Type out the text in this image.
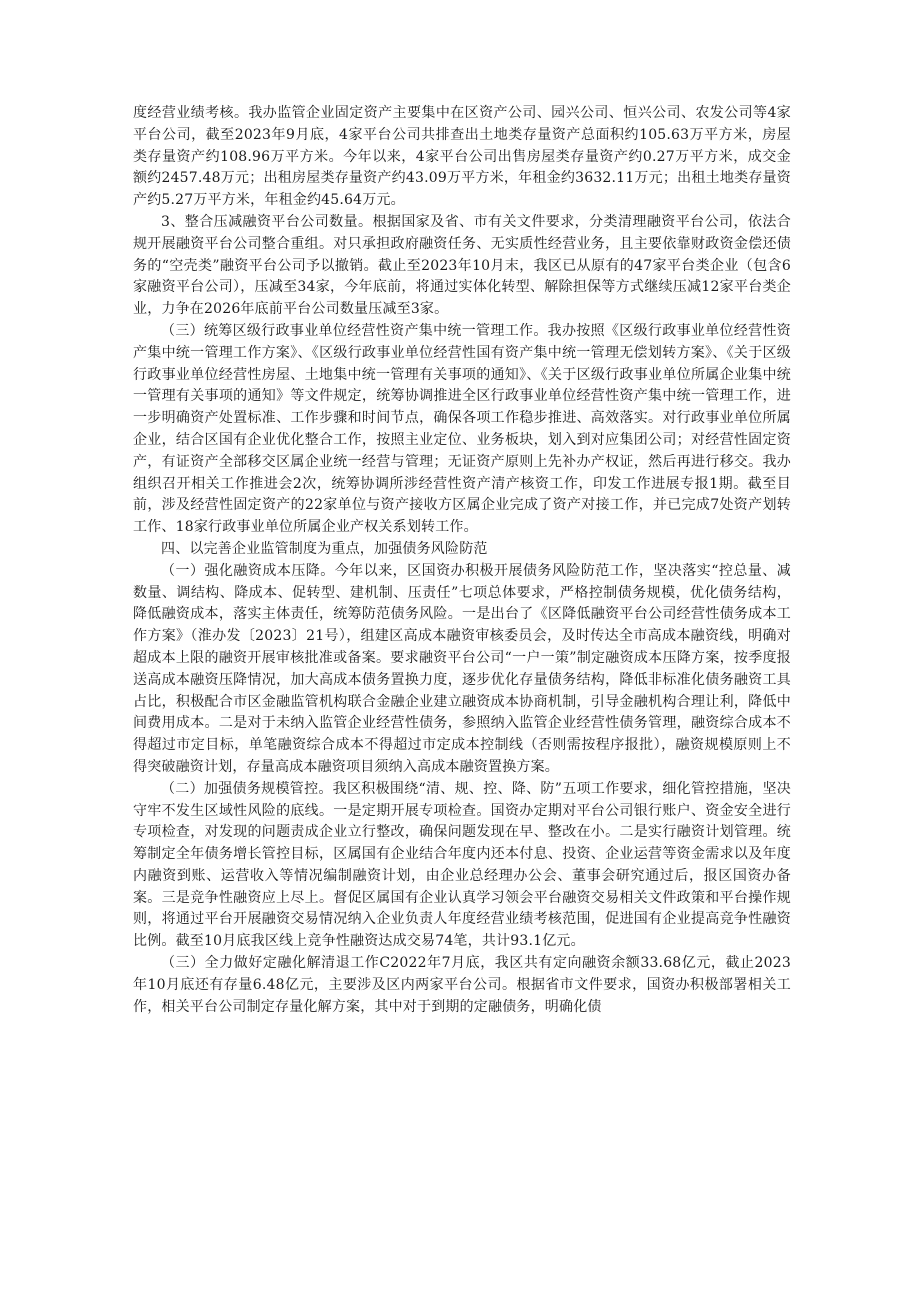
度经营业绩考核。我办监管企业固定资产主要集中在区资产公司、园兴公司、恒兴公司、农发公司等4家平台公司，截至2023年9月底，4家平台公司共排查出土地类存量资产总面积约105.63万平方米，房屋类存量资产约108.96万平方米。今年以来，4家平台公司出售房屋类存量资产约0.27万平方米，成交金额约2457.48万元；出租房屋类存量资产约43.09万平方米，年租金约3632.11万元；出租土地类存量资产约5.27万平方米，年租金约45.64万元。

3、整合压减融资平台公司数量。根据国家及省、市有关文件要求，分类清理融资平台公司，依法合规开展融资平台公司整合重组。对只承担政府融资任务、无实质性经营业务，且主要依靠财政资金偿还债务的“空壳类”融资平台公司予以撤销。截止至2023年10月末，我区已从原有的47家平台类企业（包含6家融资平台公司），压减至34家，今年底前，将通过实体化转型、解除担保等方式继续压减12家平台类企业，力争在2026年底前平台公司数量压减至3家。

（三）统筹区级行政事业单位经营性资产集中统一管理工作。我办按照《区级行政事业单位经营性资产集中统一管理工作方案》、《区级行政事业单位经营性国有资产集中统一管理无偿划转方案》、《关于区级行政事业单位经营性房屋、土地集中统一管理有关事项的通知》、《关于区级行政事业单位所属企业集中统一管理有关事项的通知》等文件规定，统筹协调推进全区行政事业单位经营性资产集中统一管理工作，进一步明确资产处置标准、工作步骤和时间节点，确保各项工作稳步推进、高效落实。对行政事业单位所属企业，结合区国有企业优化整合工作，按照主业定位、业务板块，划入到对应集团公司；对经营性固定资产，有证资产全部移交区属企业统一经营与管理；无证资产原则上先补办产权证，然后再进行移交。我办组织召开相关工作推进会2次，统筹协调所涉经营性资产清产核资工作，印发工作进展专报1期。截至目前，涉及经营性固定资产的22家单位与资产接收方区属企业完成了资产对接工作，并已完成7处资产划转工作、18家行政事业单位所属企业产权关系划转工作。

四、以完善企业监管制度为重点，加强债务风险防范

（一）强化融资成本压降。今年以来，区国资办积极开展债务风险防范工作，坚决落实“控总量、减数量、调结构、降成本、促转型、建机制、压责任”七项总体要求，严格控制债务规模，优化债务结构，降低融资成本，落实主体责任，统筹防范债务风险。一是出台了《区降低融资平台公司经营性债务成本工作方案》（淮办发〔2023〕21号），组建区高成本融资审核委员会，及时传达全市高成本融资线，明确对超成本上限的融资开展审核批准或备案。要求融资平台公司“一户一策”制定融资成本压降方案，按季度报送高成本融资压降情况，加大高成本债务置换力度，逐步优化存量债务结构，降低非标准化债务融资工具占比，积极配合市区金融监管机构联合金融企业建立融资成本协商机制，引导金融机构合理让利，降低中间费用成本。二是对于未纳入监管企业经营性债务，参照纳入监管企业经营性债务管理，融资综合成本不得超过市定目标，单笔融资综合成本不得超过市定成本控制线（否则需按程序报批），融资规模原则上不得突破融资计划，存量高成本融资项目须纳入高成本融资置换方案。

（二）加强债务规模管控。我区积极围绕“清、规、控、降、防”五项工作要求，细化管控措施，坚决守牢不发生区域性风险的底线。一是定期开展专项检查。国资办定期对平台公司银行账户、资金安全进行专项检查，对发现的问题责成企业立行整改，确保问题发现在早、整改在小。二是实行融资计划管理。统筹制定全年债务增长管控目标，区属国有企业结合年度内还本付息、投资、企业运营等资金需求以及年度内融资到账、运营收入等情况编制融资计划，由企业总经理办公会、董事会研究通过后，报区国资办备案。三是竞争性融资应上尽上。督促区属国有企业认真学习领会平台融资交易相关文件政策和平台操作规则，将通过平台开展融资交易情况纳入企业负责人年度经营业绩考核范围，促进国有企业提高竞争性融资比例。截至10月底我区线上竞争性融资达成交易74笔，共计93.1亿元。

（三）全力做好定融化解清退工作C2022年7月底，我区共有定向融资余额33.68亿元，截止2023年10月底还有存量6.48亿元，主要涉及区内两家平台公司。根据省市文件要求，国资办积极部署相关工作，相关平台公司制定存量化解方案，其中对于到期的定融债务，明确化债
